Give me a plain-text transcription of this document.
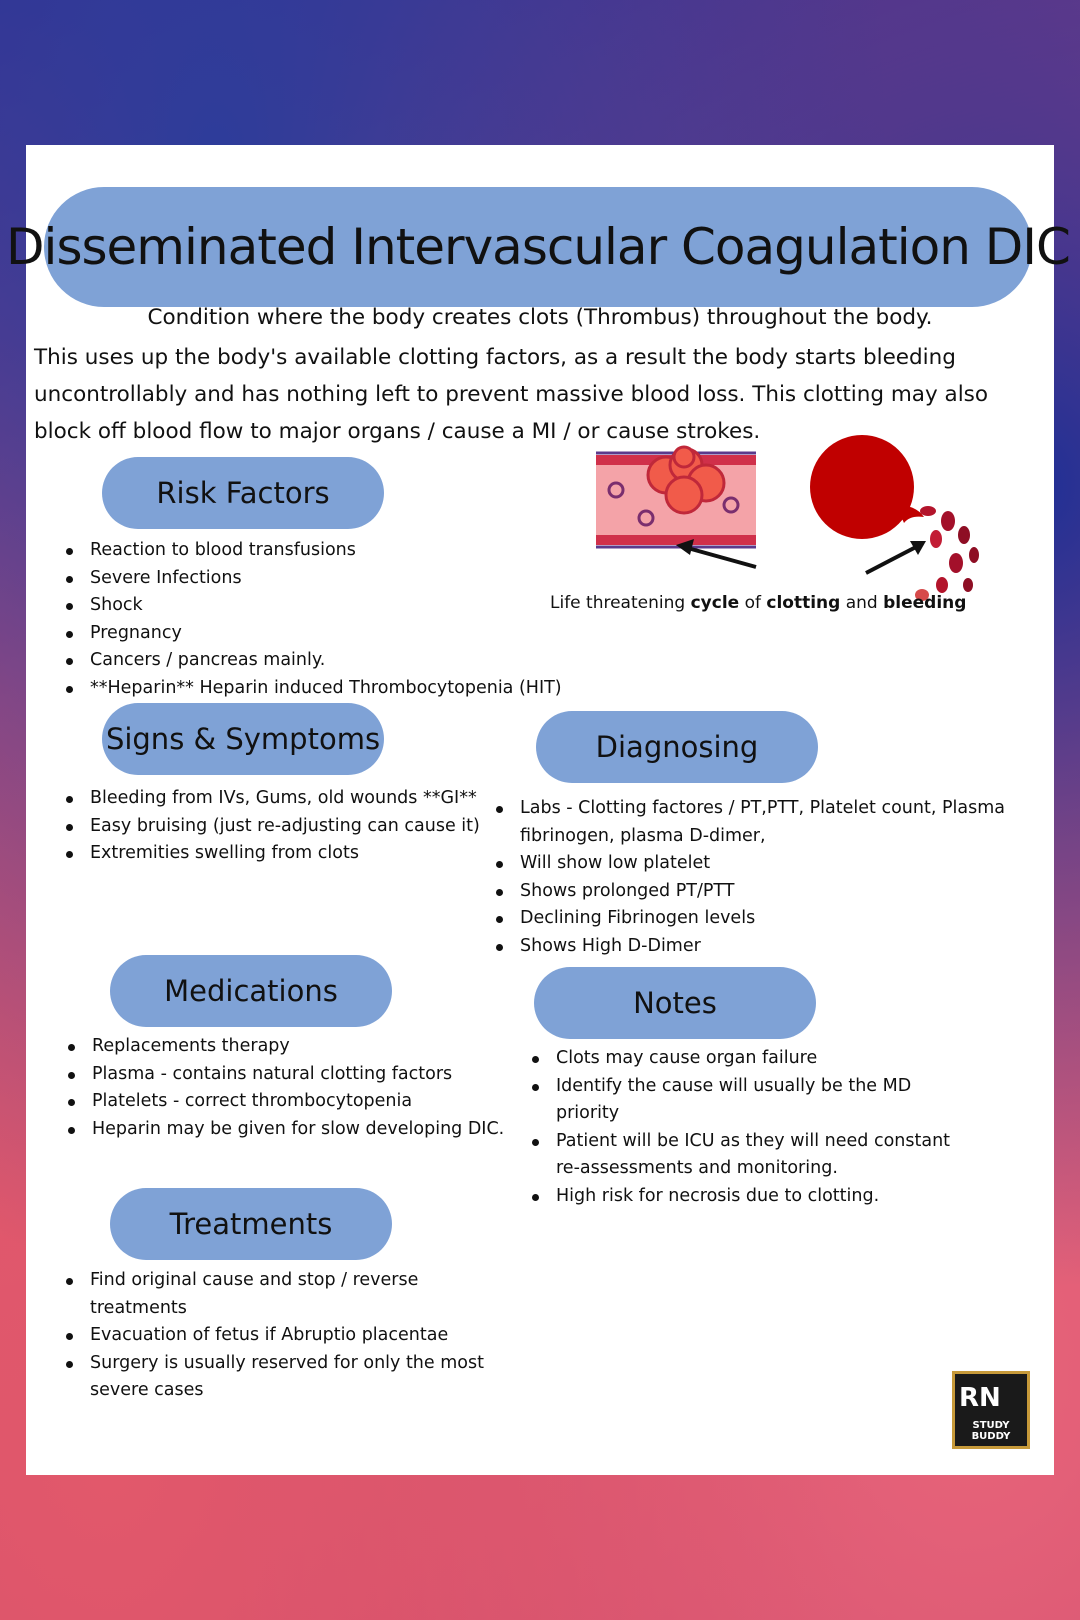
Disseminated Intervascular Coagulation DIC
Condition where the body creates clots (Thrombus) throughout the body.
This uses up the body's available clotting factors, as a result the body starts bleeding uncontrollably and has nothing left to prevent massive blood loss. This clotting may also block off blood flow to major organs / cause a MI / or cause strokes.
Life threatening cycle of clotting and bleeding
Risk Factors
Reaction to blood transfusions
Severe Infections
Shock
Pregnancy
Cancers / pancreas mainly.
**Heparin** Heparin induced Thrombocytopenia (HIT)
Signs & Symptoms
Bleeding from IVs, Gums, old wounds **GI**
Easy bruising (just re-adjusting can cause it)
Extremities swelling from clots
Diagnosing
Labs - Clotting factores / PT,PTT, Platelet count, Plasma fibrinogen, plasma D-dimer,
Will show low platelet
Shows prolonged PT/PTT
Declining Fibrinogen levels
Shows High D-Dimer
Medications
Replacements therapy
Plasma - contains natural clotting factors
Platelets - correct thrombocytopenia
Heparin may be given for slow developing DIC.
Notes
Clots may cause organ failure
Identify the cause will usually be the MD priority
Patient will be ICU as they will need constant re-assessments and monitoring.
High risk for necrosis due to clotting.
Treatments
Find original cause and stop / reverse treatments
Evacuation of fetus if Abruptio placentae
Surgery is usually reserved for only the most severe cases	RN
STUDY BUDDY
